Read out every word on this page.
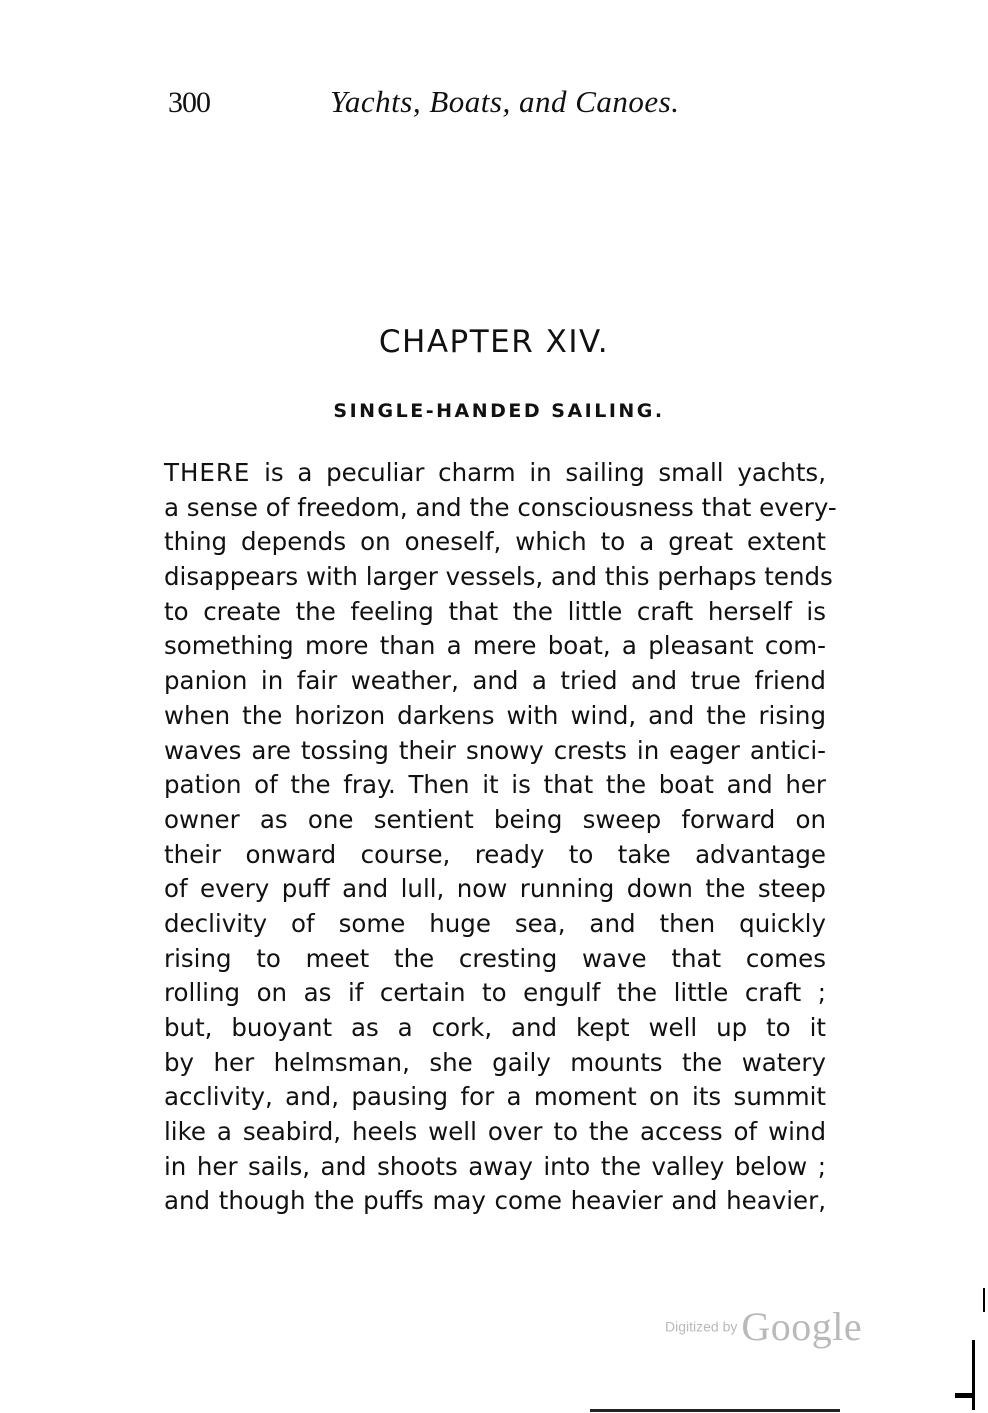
300	Yachts, Boats, and Canoes.
CHAPTER XIV.
SINGLE-HANDED SAILING.
THERE is a peculiar charm in sailing small yachts,
a sense of freedom, and the consciousness that every-
thing depends on oneself, which to a great extent
disappears with larger vessels, and this perhaps tends
to create the feeling that the little craft herself is
something more than a mere boat, a pleasant com-
panion in fair weather, and a tried and true friend
when the horizon darkens with wind, and the rising
waves are tossing their snowy crests in eager antici-
pation of the fray. Then it is that the boat and her
owner as one sentient being sweep forward on
their onward course, ready to take advantage
of every puff and lull, now running down the steep
declivity of some huge sea, and then quickly
rising to meet the cresting wave that comes
rolling on as if certain to engulf the little craft ;
but, buoyant as a cork, and kept well up to it
by her helmsman, she gaily mounts the watery
acclivity, and, pausing for a moment on its summit
like a seabird, heels well over to the access of wind
in her sails, and shoots away into the valley below ;
and though the puffs may come heavier and heavier,
Digitized by Google
